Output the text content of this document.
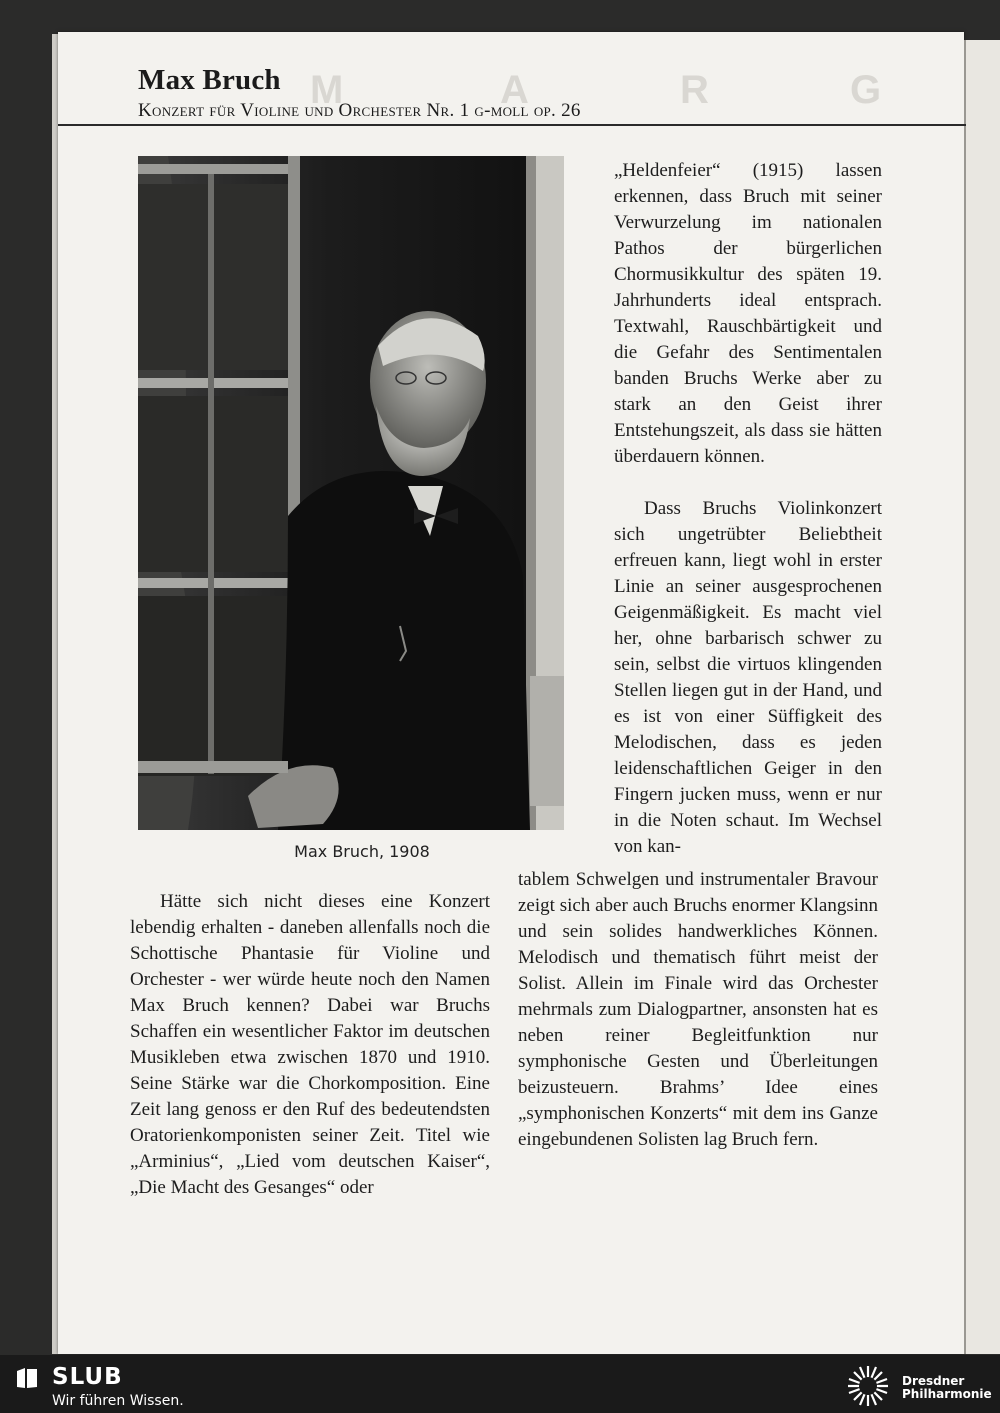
M	A	R	G
Max Bruch
Konzert für Violine und Orchester Nr. 1 g-moll op. 26
Max Bruch, 1908

„Heldenfeier“ (1915) lassen erkennen, dass Bruch mit seiner Verwurzelung im nationalen Pathos der bürgerlichen Chormusikkultur des späten 19. Jahrhunderts ideal entsprach. Textwahl, Rauschbärtigkeit und die Gefahr des Sentimentalen banden Bruchs Werke aber zu stark an den Geist ihrer Entstehungszeit, als dass sie hätten überdauern können.

Dass Bruchs Violinkonzert sich ungetrübter Beliebtheit erfreuen kann, liegt wohl in erster Linie an seiner ausgesprochenen Geigenmäßigkeit. Es macht viel her, ohne barbarisch schwer zu sein, selbst die virtuos klingenden Stellen liegen gut in der Hand, und es ist von einer Süffigkeit des Melodischen, dass es jeden leidenschaftlichen Geiger in den Fingern jucken muss, wenn er nur in die Noten schaut. Im Wechsel von kan-

Hätte sich nicht dieses eine Konzert lebendig erhalten - daneben allenfalls noch die Schottische Phantasie für Violine und Orchester - wer würde heute noch den Namen Max Bruch kennen? Dabei war Bruchs Schaffen ein wesentlicher Faktor im deutschen Musikleben etwa zwischen 1870 und 1910. Seine Stärke war die Chorkomposition. Eine Zeit lang genoss er den Ruf des bedeutendsten Oratorienkomponisten seiner Zeit. Titel wie „Arminius“, „Lied vom deutschen Kaiser“, „Die Macht des Gesanges“ oder

tablem Schwelgen und instrumentaler Bravour zeigt sich aber auch Bruchs enormer Klangsinn und sein solides handwerkliches Können. Melodisch und thematisch führt meist der Solist. Allein im Finale wird das Orchester mehrmals zum Dialogpartner, ansonsten hat es neben reiner Begleitfunktion nur symphonische Gesten und Überleitungen beizusteuern. Brahms’ Idee eines „symphonischen Konzerts“ mit dem ins Ganze eingebundenen Solisten lag Bruch fern.

SLUB
Wir führen Wissen.
Dresdner
Philharmonie
